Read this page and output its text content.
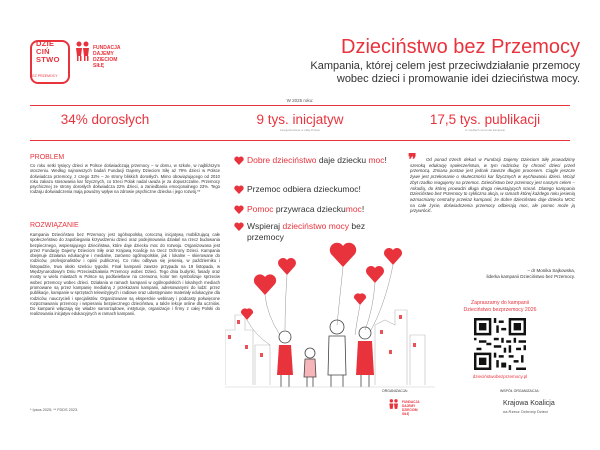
DZIE
CIŃ
STWO
BEZ PRZEMOCY
FUNDACJA
DAJEMY
DZIECIOM
SIŁĘ
Dzieciństwo bez Przemocy
Kampania, której celem jest przeciwdziałanie przemocy
wobec dzieci i promowanie idei dzieciństwa mocy.
W 2025 roku:
34% dorosłych	9 tys. inicjatyw
zarejestrowane w całej Polsce
17,5 tys. publikacji
w mediach na temat kampanii
PROBLEM
Co roku setki tysięcy dzieci w Polsce doświadczają przemocy – w domu, w szkole, w najbliższym otoczeniu. Według najnowszych badań Fundacji Dajemy Dzieciom Siłę aż 79% dzieci w Polsce doświadcza przemocy, z czego 32% – ze strony bliskich dorosłych. Mimo obowiązującego od 2010 roku zakazu stosowania kar fizycznych, co trzeci Polak nadal uważa je za dopuszczalne. Przemocy psychicznej ze strony dorosłych doświadcza 22% dzieci, a zaniedbania emocjonalnego 23%. Tego rodzaju doświadczenia mają poważny wpływ na zdrowie psychiczne dziecka i jego rozwój.**
ROZWIĄZANIE
Kampania Dzieciństwo bez Przemocy jest ogólnopolską coroczną inicjatywą mobilizującą całe społeczeństwo do zapobiegania krzywdzeniu dzieci oraz podejmowania działań na rzecz budowania bezpiecznego, wspierającego dzieciństwa, które daje dziecku moc do rozwoju. Organizowana jest przez Fundację Dajemy Dzieciom Siłę oraz Krajową Koalicję na rzecz Ochrony Dzieci. Kampania obejmuje działania edukacyjne i medialne, zarówno ogólnopolskie, jak i lokalne – skierowane do rodziców, profesjonalistów i opinii publicznej. Co roku odbywa się jesienią, w październiku i listopadzie, trwa około sześciu tygodni. Finał kampanii zawsze przypada na 19 listopada, w Międzynarodowym Dniu Przeciwdziałania Przemocy wobec Dzieci. Tego dnia budynki, fasady oraz mosty w wielu miastach w Polsce są podświetlane na czerwono, kolor ten symbolizuje sprzeciw wobec przemocy wobec dzieci. Działania w ramach kampanii w ogólnopolskich i lokalnych mediach promowane są przez kampanię medialną z przekazami kampanii, adresowanymi do ludzi: przez publikacje, kampanie w sprzętach telewizyjnych i radiowe oraz udostępniane materiały edukacyjne dla rodziców, nauczycieli i specjalistów. Organizowane są eksperckie webinary i podcasty poświęcone rozpoznawaniu przemocy i wspieraniu bezpiecznego dzieciństwa, a także lekcje online dla uczniów. Do kampanii włączają się władze samorządowe, instytucje, organizacje i firmy z całej Polski do realizowania inicjatyw edukacyjnych w ramach kampanii.
* Ipsos 2025; ** FDDS 2023.
Dobre dzieciństwo daje dziecku moc!
Przemoc odbiera dzieckumoc!
Pomoc przywraca dzieckumoc!
Wspieraj dzieciństwo mocy bez przemocy
❞	Od ponad trzech dekad w Fundacji Dajemy Dzieciom Siłę prowadzimy szeroką edukację społeczeństwa, w tym rodziców, by chronić dzieci przed przemocą. Zmiana postaw jest jednak zawsze długim procesem. Ciągle jeszcze żywe jest przekonanie o skuteczności kar fizycznych w wychowaniu dzieci. Wciąż zbyt rzadko reagujemy na przemoc. Dzieciństwo bez przemocy jest naszym celem – Arkadią, do której prowadzi długa droga nieustających starań. Dlatego kampania Dzieciństwo bez Przemocy to cykliczna akcja, w ramach której każdego roku jesienią wzmacniamy centralny przekaz kampanii, że dobre dzieciństwo daje dziecku MOC na całe życie, doświadczenia przemocy odbierają moc, ale pomoc może ją przywrócić.
– dr Monika Sajkowska,
liderka kampanii Dzieciństwo bez Przemocy.
Zapraszamy do kampanii
Dzieciństwo bezprzemocy 2026
dzieciństwobezprzemocy.pl
ORGANIZACJA:
FUNDACJA
DAJEMY
DZIECIOM
SIŁĘ
WSPÓŁ ORGANIZACJA:
Krajowa Koalicja
na Rzecz Ochrony Dzieci
